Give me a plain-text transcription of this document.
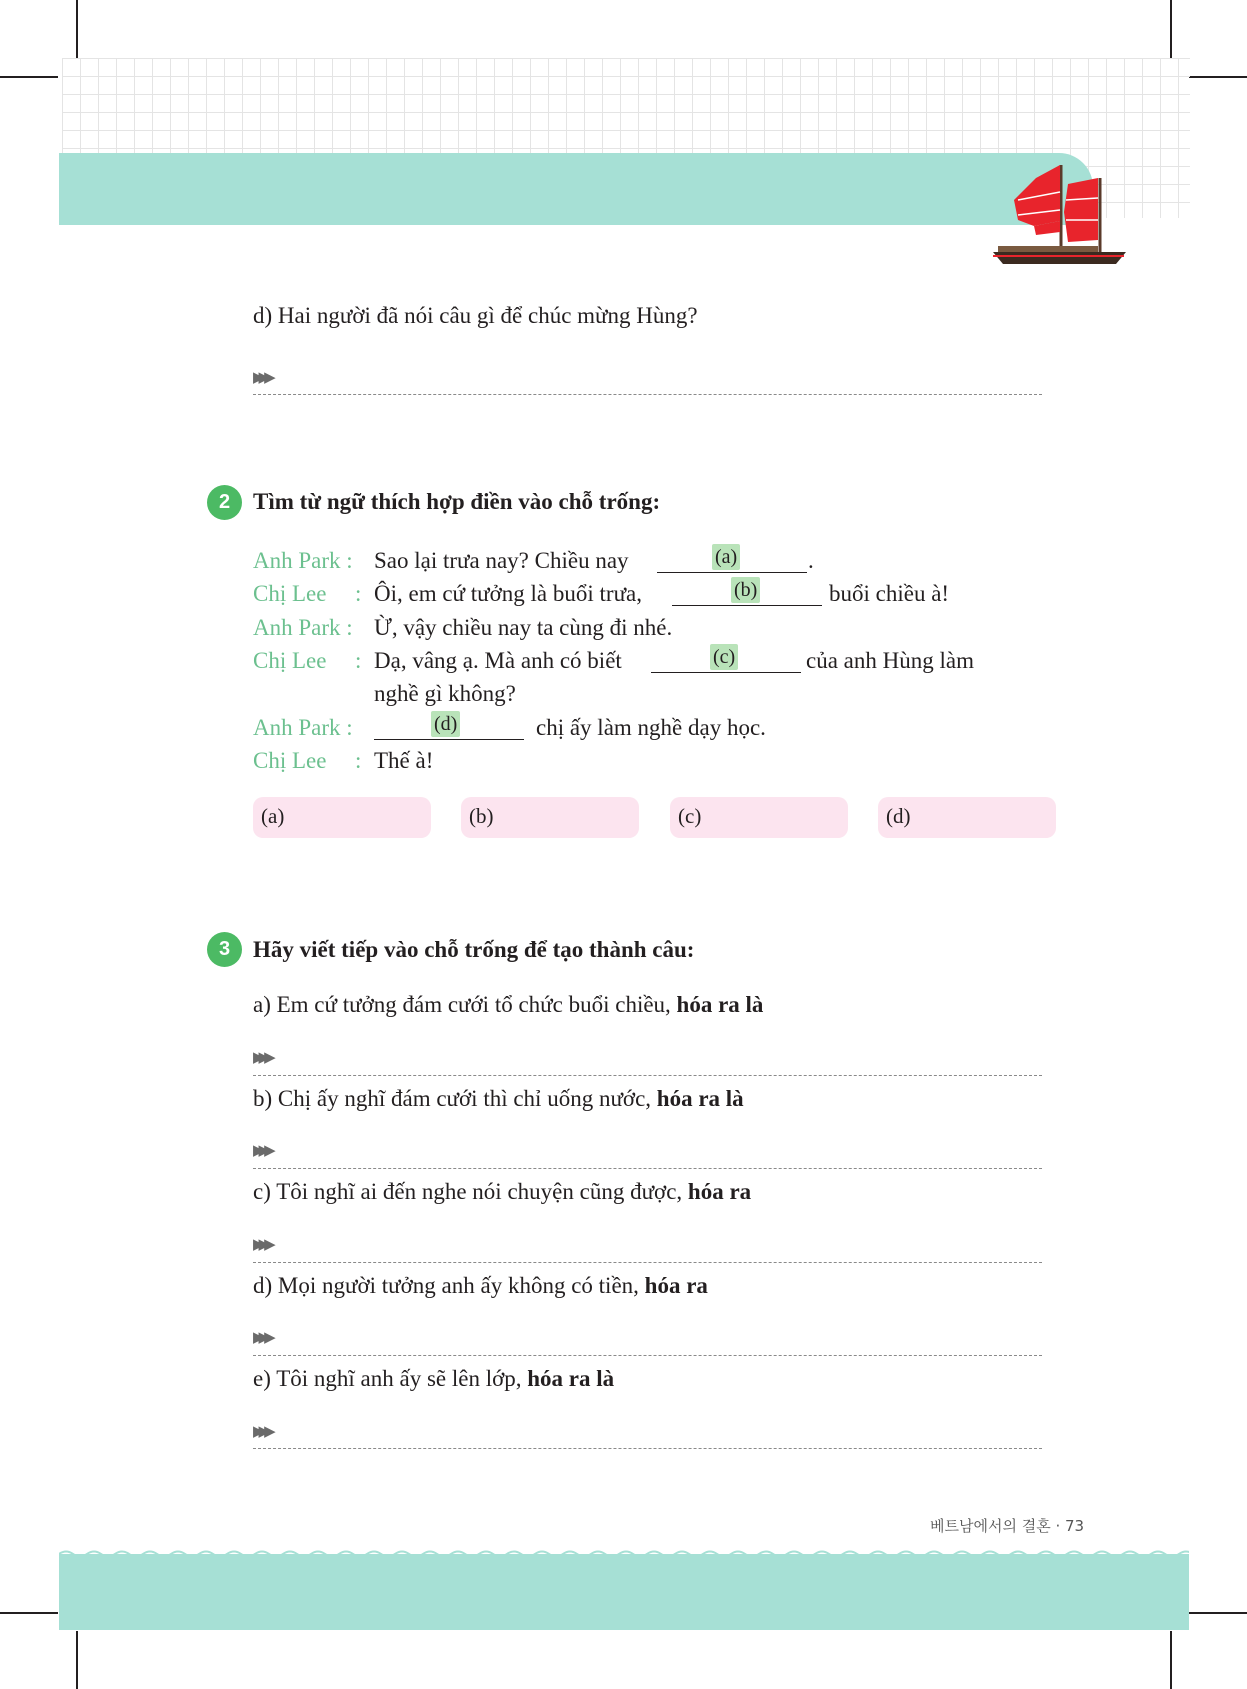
d) Hai người đã nói câu gì để chúc mừng Hùng?
▶▶▶
2 Tìm từ ngữ thích hợp điền vào chỗ trống:
Anh Park : Sao lại trưa nay? Chiều nay	(a)	.
Chị Lee : Ôi, em cứ tưởng là buổi trưa,	(b)	buổi chiều à!
Anh Park : Ừ, vậy chiều nay ta cùng đi nhé.
Chị Lee : Dạ, vâng ạ. Mà anh có biết	(c)	của anh Hùng làm
nghề gì không?
Anh Park :	(d)	chị ấy làm nghề dạy học.
Chị Lee : Thế à!
(a)	(b)	(c)	(d)
3 Hãy viết tiếp vào chỗ trống để tạo thành câu:
a) Em cứ tưởng đám cưới tổ chức buổi chiều, hóa ra là
▶▶▶
b) Chị ấy nghĩ đám cưới thì chỉ uống nước, hóa ra là
▶▶▶
c) Tôi nghĩ ai đến nghe nói chuyện cũng được, hóa ra
▶▶▶
d) Mọi người tưởng anh ấy không có tiền, hóa ra
▶▶▶
e) Tôi nghĩ anh ấy sẽ lên lớp, hóa ra là
▶▶▶
베트남에서의 결혼 · 73
